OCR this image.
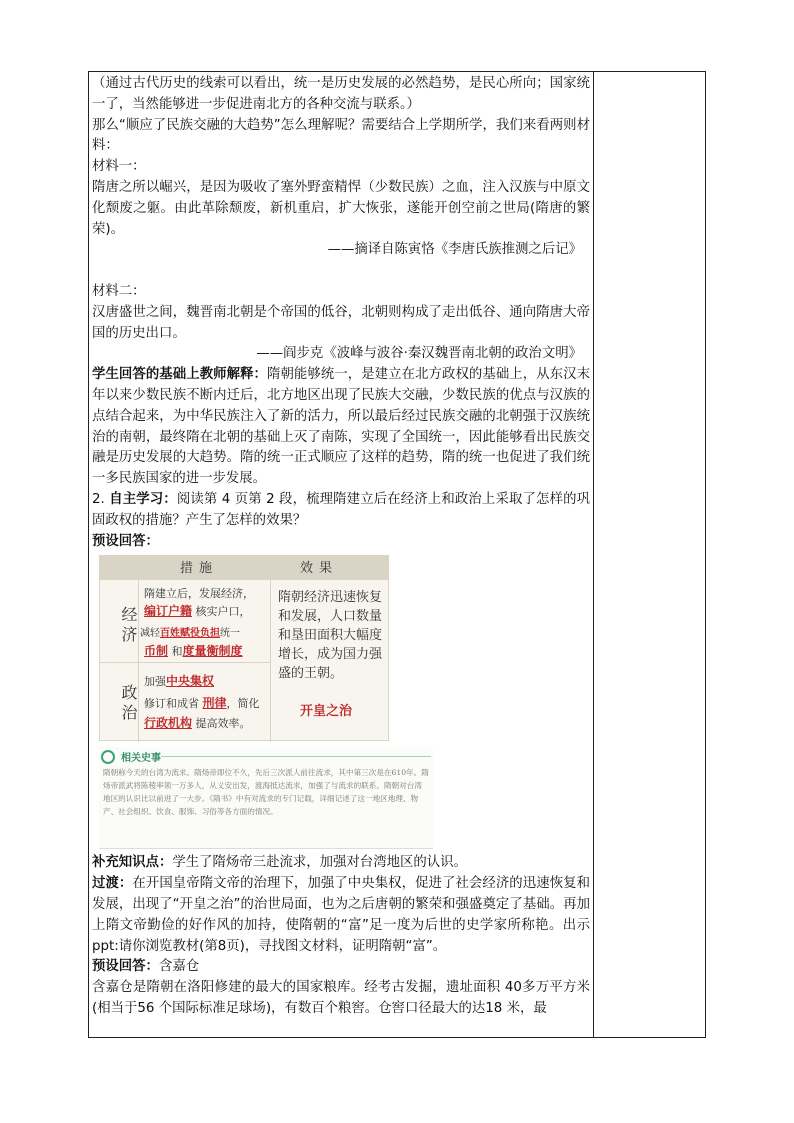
（通过古代历史的线索可以看出，统一是历史发展的必然趋势，是民心所向；国家统一了，当然能够进一步促进南北方的各种交流与联系。）

那么“顺应了民族交融的大趋势”怎么理解呢？需要结合上学期所学，我们来看两则材料：

材料一：

隋唐之所以崛兴，是因为吸收了塞外野蛮精悍（少数民族）之血，注入汉族与中原文化颓废之躯。由此革除颓废，新机重启，扩大恢张，遂能开创空前之世局(隋唐的繁荣)。

——摘译自陈寅恪《李唐氏族推测之后记》

材料二：

汉唐盛世之间，魏晋南北朝是个帝国的低谷，北朝则构成了走出低谷、通向隋唐大帝国的历史出口。

——阎步克《波峰与波谷·秦汉魏晋南北朝的政治文明》

学生回答的基础上教师解释：隋朝能够统一，是建立在北方政权的基础上，从东汉末年以来少数民族不断内迁后，北方地区出现了民族大交融，少数民族的优点与汉族的点结合起来，为中华民族注入了新的活力，所以最后经过民族交融的北朝强于汉族统治的南朝，最终隋在北朝的基础上灭了南陈，实现了全国统一，因此能够看出民族交融是历史发展的大趋势。隋的统一正式顺应了这样的趋势，隋的统一也促进了我们统一多民族国家的进一步发展。

2. 自主学习：阅读第 4 页第 2 段，梳理隋建立后在经济上和政治上采取了怎样的巩固政权的措施？产生了怎样的效果？

预设回答：

措施	效果
经济
政治
隋建立后，发展经济，
编订户籍 核实户口，
减轻百姓赋役负担统一
币制 和度量衡制度
加强中央集权
修订和成省 刑律，简化
行政机构 提高效率。
隋朝经济迅速恢复和发展，人口数量和垦田面积大幅度增长，成为国力强盛的王朝。
开皇之治
相关史事
隋朝称今天的台湾为流求。隋炀帝即位不久，先后三次派人前往流求，其中第三次是在610年。隋炀帝派武将陈稜率领一万多人，从义安出发，渡海抵达流求，加强了与流求的联系。隋朝对台湾地区的认识比以前进了一大步。《隋书》中有对流求的专门记载，详细记述了这一地区地理、物产、社会组织、饮食、服饰、习俗等各方面的情况。

补充知识点：学生了隋炀帝三赴流求，加强对台湾地区的认识。

过渡：在开国皇帝隋文帝的治理下，加强了中央集权，促进了社会经济的迅速恢复和发展，出现了“开皇之治”的治世局面，也为之后唐朝的繁荣和强盛奠定了基础。再加上隋文帝勤俭的好作风的加持，使隋朝的“富”足一度为后世的史学家所称艳。出示 ppt:请你浏览教材(第8页)，寻找图文材料，证明隋朝“富”。

预设回答：含嘉仓

含嘉仓是隋朝在洛阳修建的最大的国家粮库。经考古发掘，遗址面积 40多万平方米(相当于56 个国际标准足球场)，有数百个粮窖。仓窖口径最大的达18 米，最
